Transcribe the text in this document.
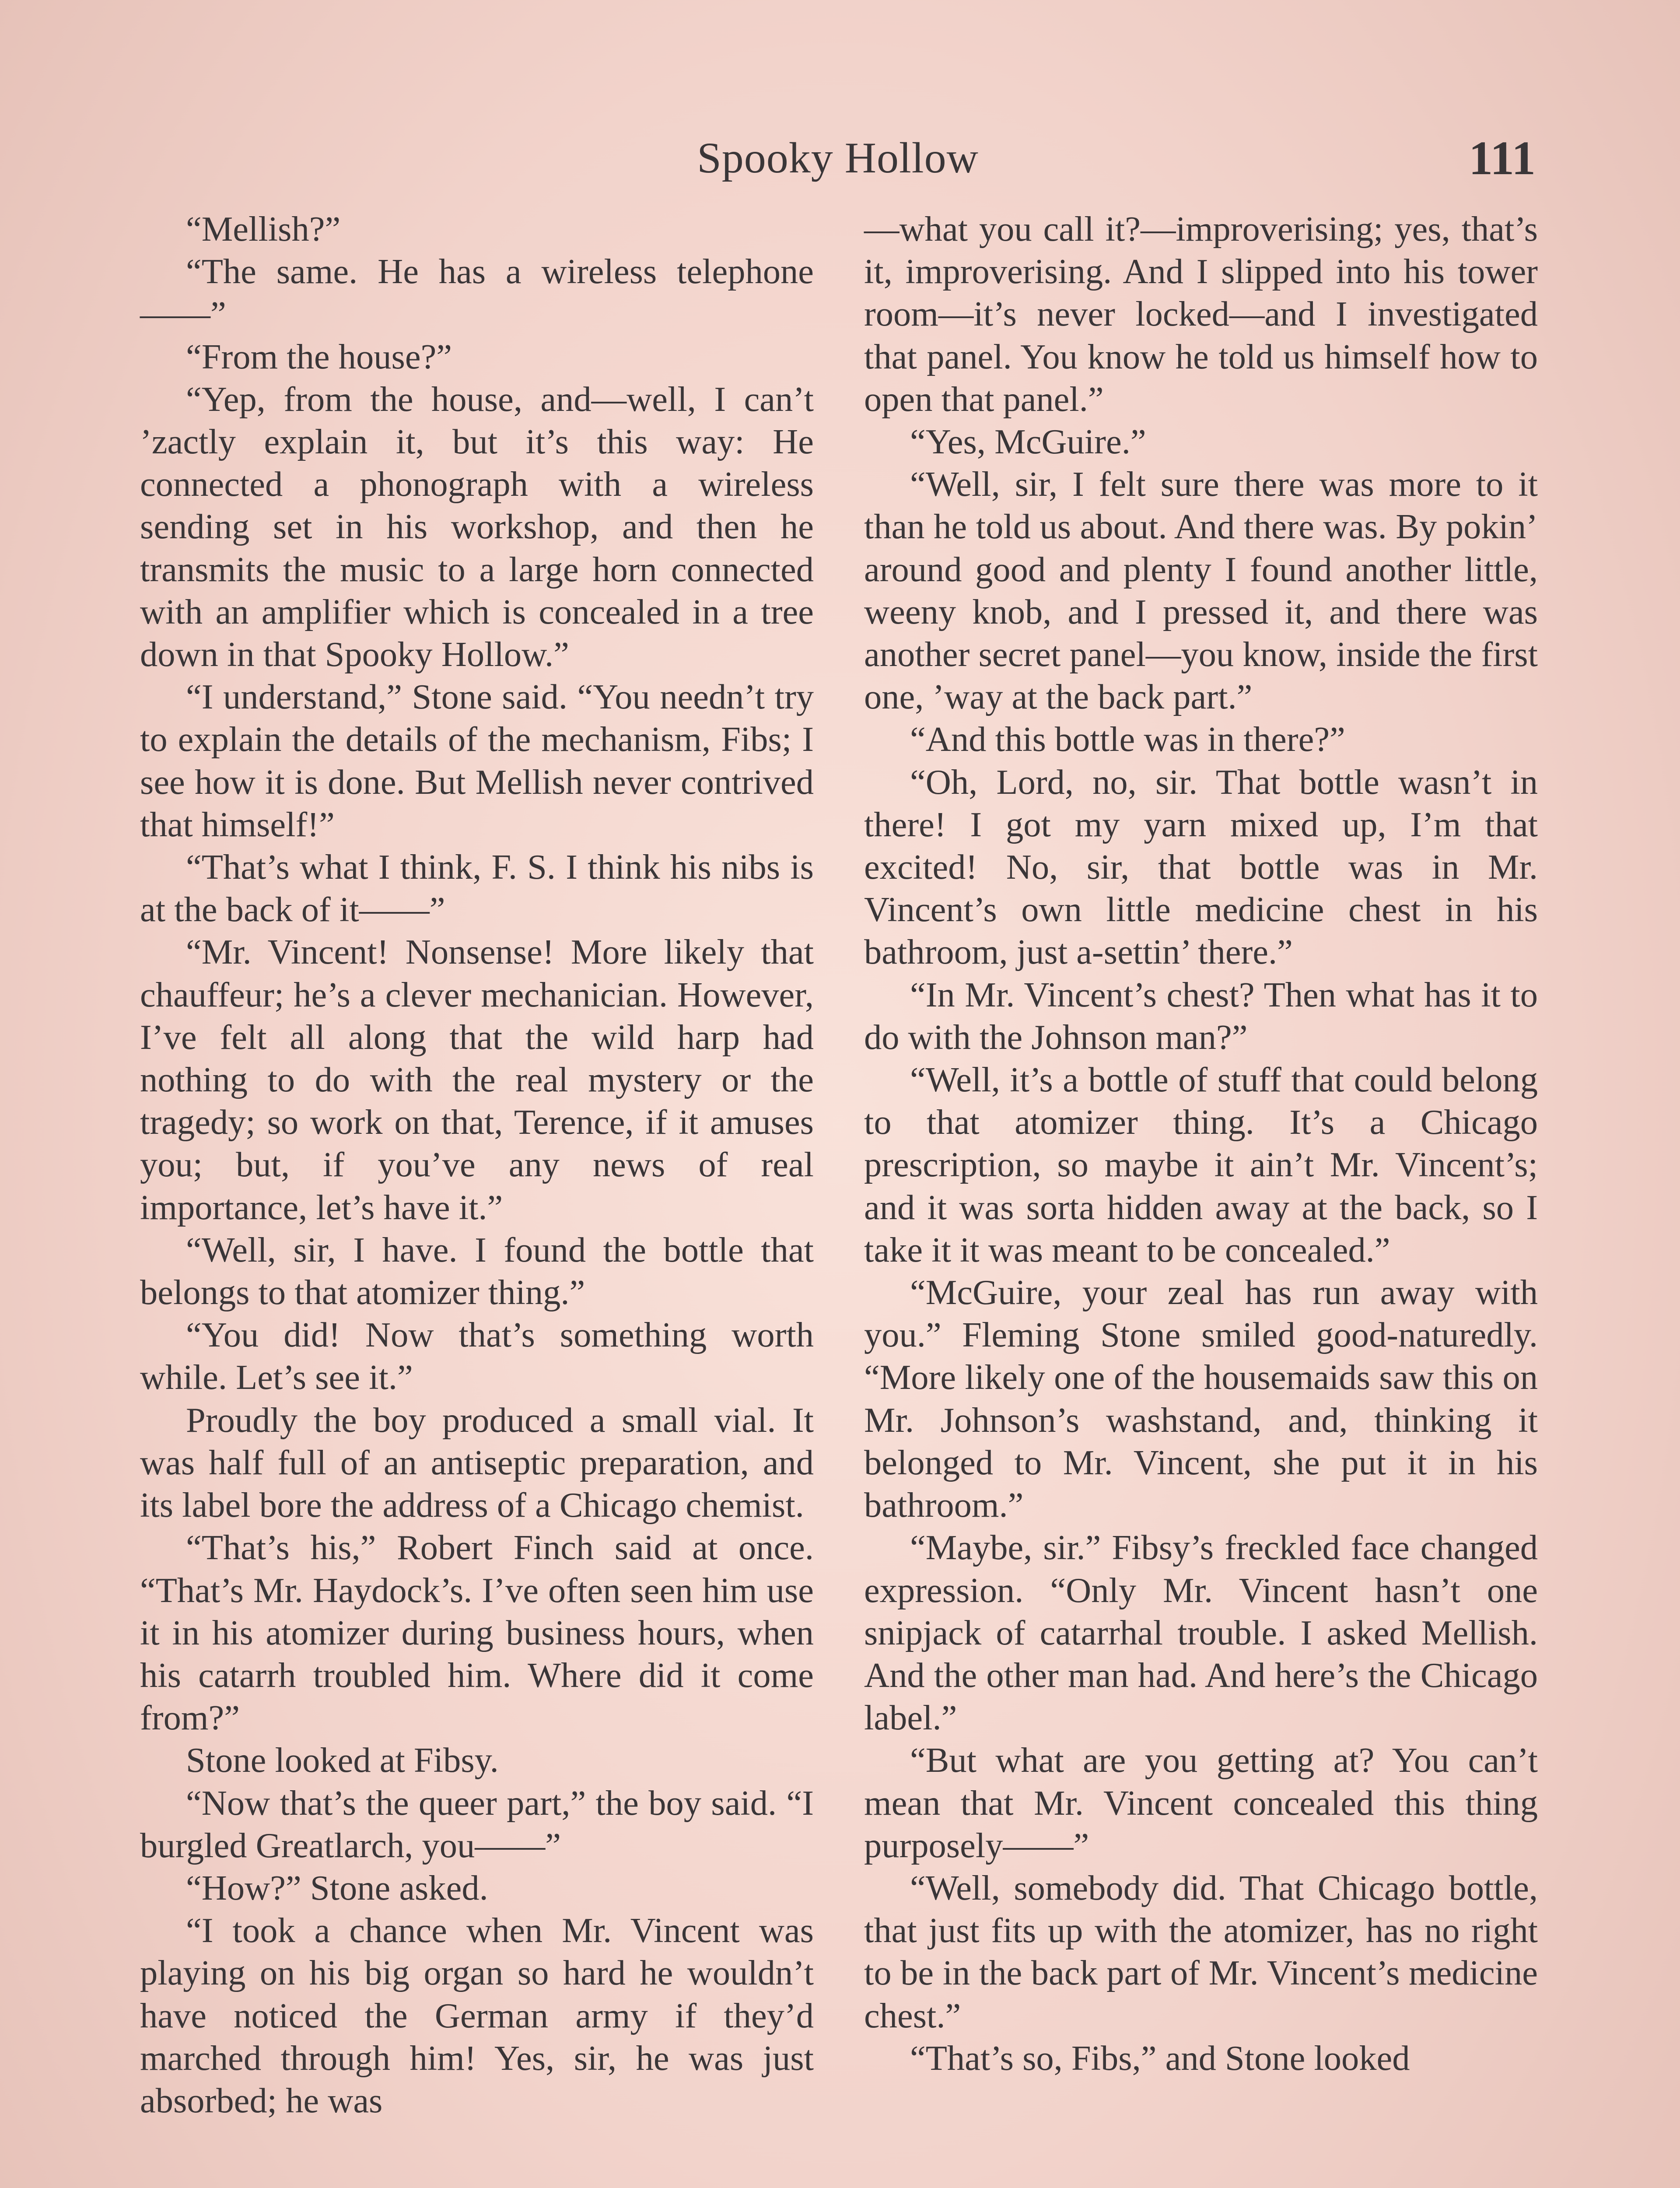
Spooky Hollow	111

“Mellish?”

“The same. He has a wireless telephone——”

“From the house?”

“Yep, from the house, and—well, I can’t ’zactly explain it, but it’s this way: He connected a phonograph with a wireless sending set in his workshop, and then he transmits the music to a large horn connected with an amplifier which is concealed in a tree down in that Spooky Hollow.”

“I understand,” Stone said. “You needn’t try to explain the details of the mechanism, Fibs; I see how it is done. But Mellish never contrived that himself!”

“That’s what I think, F. S. I think his nibs is at the back of it——”

“Mr. Vincent! Nonsense! More likely that chauffeur; he’s a clever mechanician. However, I’ve felt all along that the wild harp had nothing to do with the real mystery or the tragedy; so work on that, Terence, if it amuses you; but, if you’ve any news of real importance, let’s have it.”

“Well, sir, I have. I found the bottle that belongs to that atomizer thing.”

“You did! Now that’s something worth while. Let’s see it.”

Proudly the boy produced a small vial. It was half full of an antiseptic preparation, and its label bore the address of a Chicago chemist.

“That’s his,” Robert Finch said at once. “That’s Mr. Haydock’s. I’ve often seen him use it in his atomizer during business hours, when his catarrh troubled him. Where did it come from?”

Stone looked at Fibsy.

“Now that’s the queer part,” the boy said. “I burgled Greatlarch, you——”

“How?” Stone asked.

“I took a chance when Mr. Vincent was playing on his big organ so hard he wouldn’t have noticed the German army if they’d marched through him! Yes, sir, he was just absorbed; he was

—what you call it?—improverising; yes, that’s it, improverising. And I slipped into his tower room—it’s never locked—and I investigated that panel. You know he told us himself how to open that panel.”

“Yes, McGuire.”

“Well, sir, I felt sure there was more to it than he told us about. And there was. By pokin’ around good and plenty I found another little, weeny knob, and I pressed it, and there was another secret panel—you know, inside the first one, ’way at the back part.”

“And this bottle was in there?”

“Oh, Lord, no, sir. That bottle wasn’t in there! I got my yarn mixed up, I’m that excited! No, sir, that bottle was in Mr. Vincent’s own little medicine chest in his bathroom, just a-settin’ there.”

“In Mr. Vincent’s chest? Then what has it to do with the Johnson man?”

“Well, it’s a bottle of stuff that could belong to that atomizer thing. It’s a Chicago prescription, so maybe it ain’t Mr. Vincent’s; and it was sorta hidden away at the back, so I take it it was meant to be concealed.”

“McGuire, your zeal has run away with you.” Fleming Stone smiled good-naturedly. “More likely one of the housemaids saw this on Mr. Johnson’s washstand, and, thinking it belonged to Mr. Vincent, she put it in his bathroom.”

“Maybe, sir.” Fibsy’s freckled face changed expression. “Only Mr. Vincent hasn’t one snipjack of catarrhal trouble. I asked Mellish. And the other man had. And here’s the Chicago label.”

“But what are you getting at? You can’t mean that Mr. Vincent concealed this thing purposely——”

“Well, somebody did. That Chicago bottle, that just fits up with the atomizer, has no right to be in the back part of Mr. Vincent’s medicine chest.”

“That’s so, Fibs,” and Stone looked
